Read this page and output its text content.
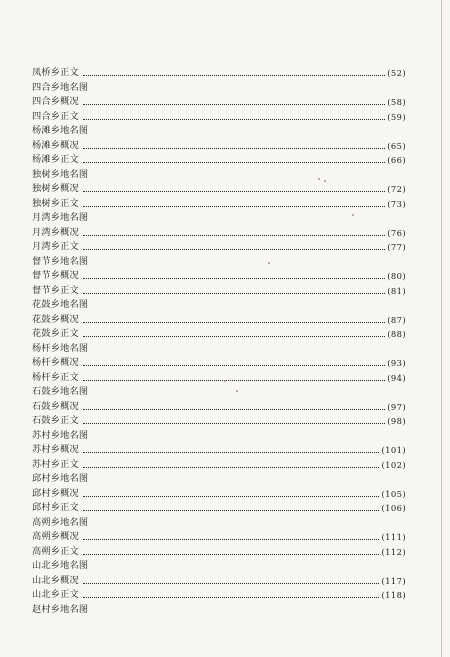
凤桥乡正文	(52)
四合乡地名图
四合乡概况	(58)
四合乡正文	(59)
杨滩乡地名图
杨滩乡概况	(65)
杨滩乡正文	(66)
独树乡地名图
独树乡概况	(72)
独树乡正文	(73)
月湾乡地名图
月湾乡概况	(76)
月湾乡正文	(77)
督节乡地名图
督节乡概况	(80)
督节乡正文	(81)
花鼓乡地名图
花鼓乡概况	(87)
花鼓乡正文	(88)
杨杆乡地名图
杨杆乡概况	(93)
杨杆乡正文	(94)
石鼓乡地名图
石鼓乡概况	(97)
石鼓乡正文	(98)
苏村乡地名图
苏村乡概况	(101)
苏村乡正文	(102)
邱村乡地名图
邱村乡概况	(105)
邱村乡正文	(106)
高朔乡地名图
高朔乡概况	(111)
高朔乡正文	(112)
山北乡地名图
山北乡概况	(117)
山北乡正文	(118)
赵村乡地名图
